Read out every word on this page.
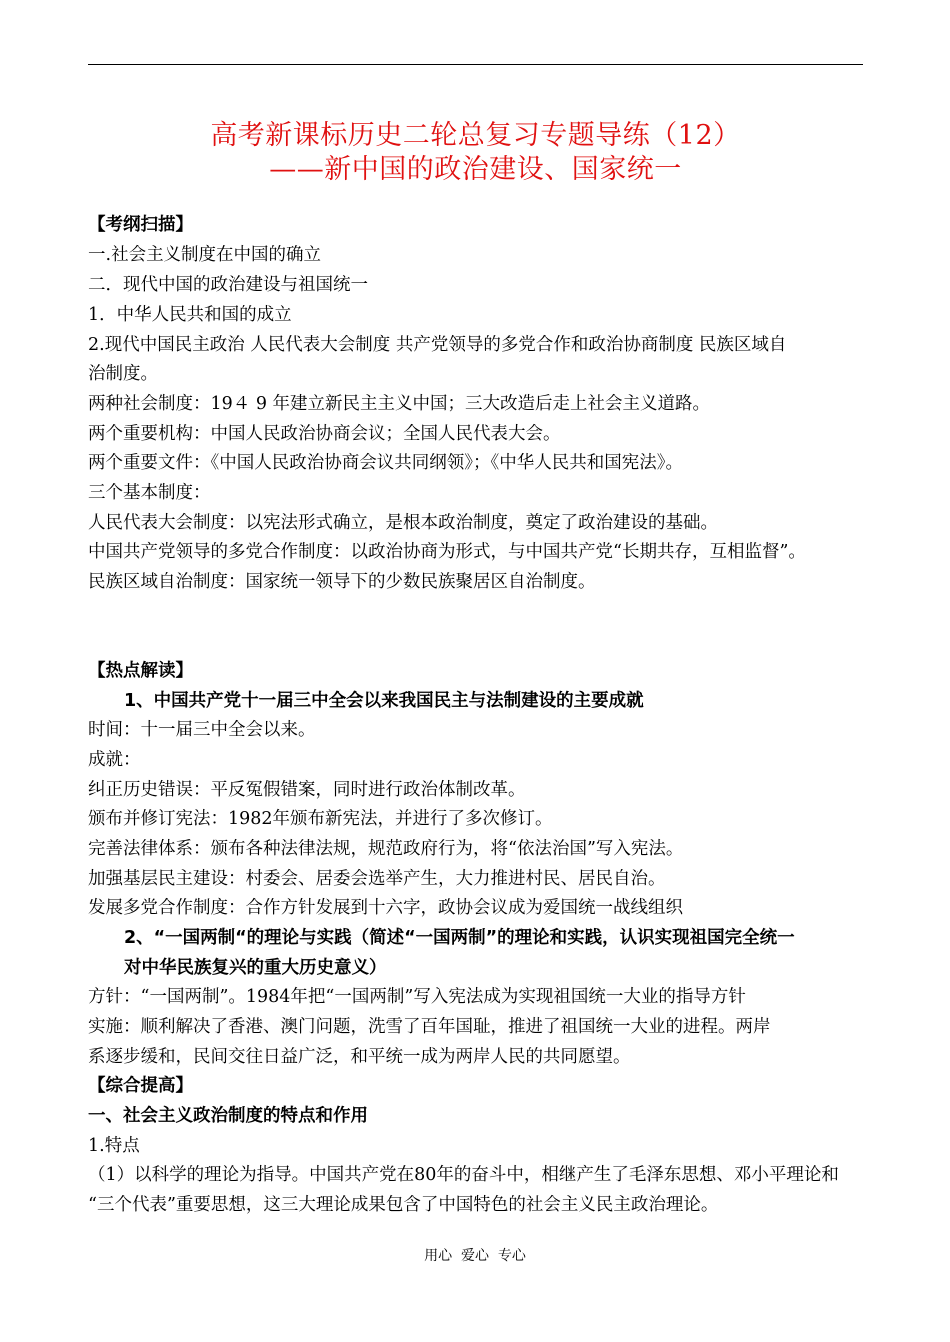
高考新课标历史二轮总复习专题导练（12）
——新中国的政治建设、国家统一
【考纲扫描】
一.社会主义制度在中国的确立
二．现代中国的政治建设与祖国统一
1．中华人民共和国的成立
2.现代中国民主政治 人民代表大会制度 共产党领导的多党合作和政治协商制度 民族区域自
治制度。
两种社会制度：19４ 9 年建立新民主主义中国；三大改造后走上社会主义道路。
两个重要机构：中国人民政治协商会议；全国人民代表大会。
两个重要文件：《中国人民政治协商会议共同纲领》；《中华人民共和国宪法》。
三个基本制度：
人民代表大会制度：以宪法形式确立，是根本政治制度，奠定了政治建设的基础。
中国共产党领导的多党合作制度：以政治协商为形式，与中国共产党“长期共存，互相监督”。
民族区域自治制度：国家统一领导下的少数民族聚居区自治制度。
【热点解读】
1、中国共产党十一届三中全会以来我国民主与法制建设的主要成就
时间：十一届三中全会以来。
成就：
纠正历史错误：平反冤假错案，同时进行政治体制改革。
颁布并修订宪法：1982年颁布新宪法，并进行了多次修订。
完善法律体系：颁布各种法律法规，规范政府行为，将“依法治国”写入宪法。
加强基层民主建设：村委会、居委会选举产生，大力推进村民、居民自治。
发展多党合作制度：合作方针发展到十六字，政协会议成为爱国统一战线组织
2、“一国两制“的理论与实践（简述“一国两制”的理论和实践，认识实现祖国完全统一
对中华民族复兴的重大历史意义）
方针：“一国两制”。1984年把“一国两制”写入宪法成为实现祖国统一大业的指导方针
实施：顺利解决了香港、澳门问题，洗雪了百年国耻，推进了祖国统一大业的进程。两岸
系逐步缓和，民间交往日益广泛，和平统一成为两岸人民的共同愿望。
【综合提高】
一、社会主义政治制度的特点和作用
1.特点
（1）以科学的理论为指导。中国共产党在80年的奋斗中，相继产生了毛泽东思想、邓小平理论和
“三个代表”重要思想，这三大理论成果包含了中国特色的社会主义民主政治理论。
用心  爱心  专心
